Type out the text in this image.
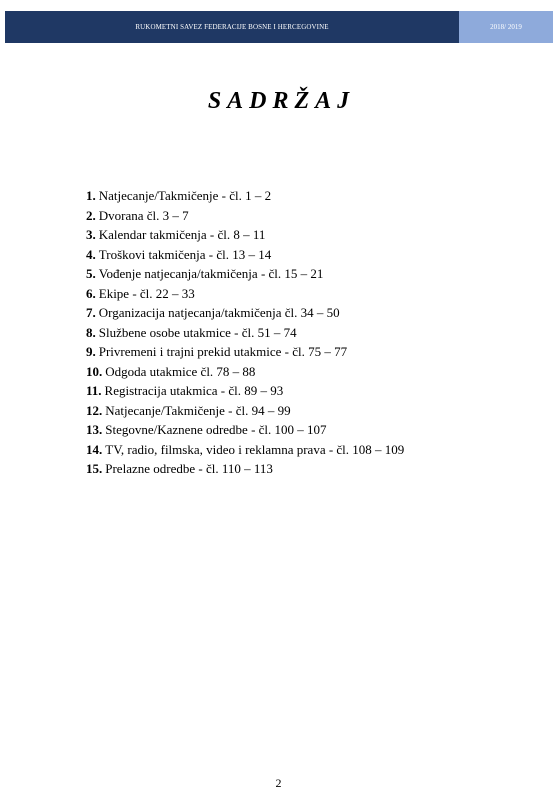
RUKOMETNI SAVEZ FEDERACIJE BOSNE I HERCEGOVINE	2018/ 2019
SADRŽAJ
1. Natjecanje/Takmičenje - čl. 1 – 2
2. Dvorana čl. 3 – 7
3. Kalendar takmičenja - čl. 8 – 11
4. Troškovi takmičenja - čl. 13 – 14
5. Vođenje natjecanja/takmičenja - čl. 15 – 21
6. Ekipe - čl. 22 – 33
7. Organizacija natjecanja/takmičenja čl. 34 – 50
8. Službene osobe utakmice - čl. 51 – 74
9. Privremeni i trajni prekid utakmice - čl. 75 – 77
10. Odgoda utakmice čl. 78 – 88
11. Registracija utakmica - čl. 89 – 93
12. Natjecanje/Takmičenje - čl. 94 – 99
13. Stegovne/Kaznene odredbe - čl. 100 – 107
14. TV, radio, filmska, video i reklamna prava - čl. 108 – 109
15. Prelazne odredbe - čl. 110 – 113
2
